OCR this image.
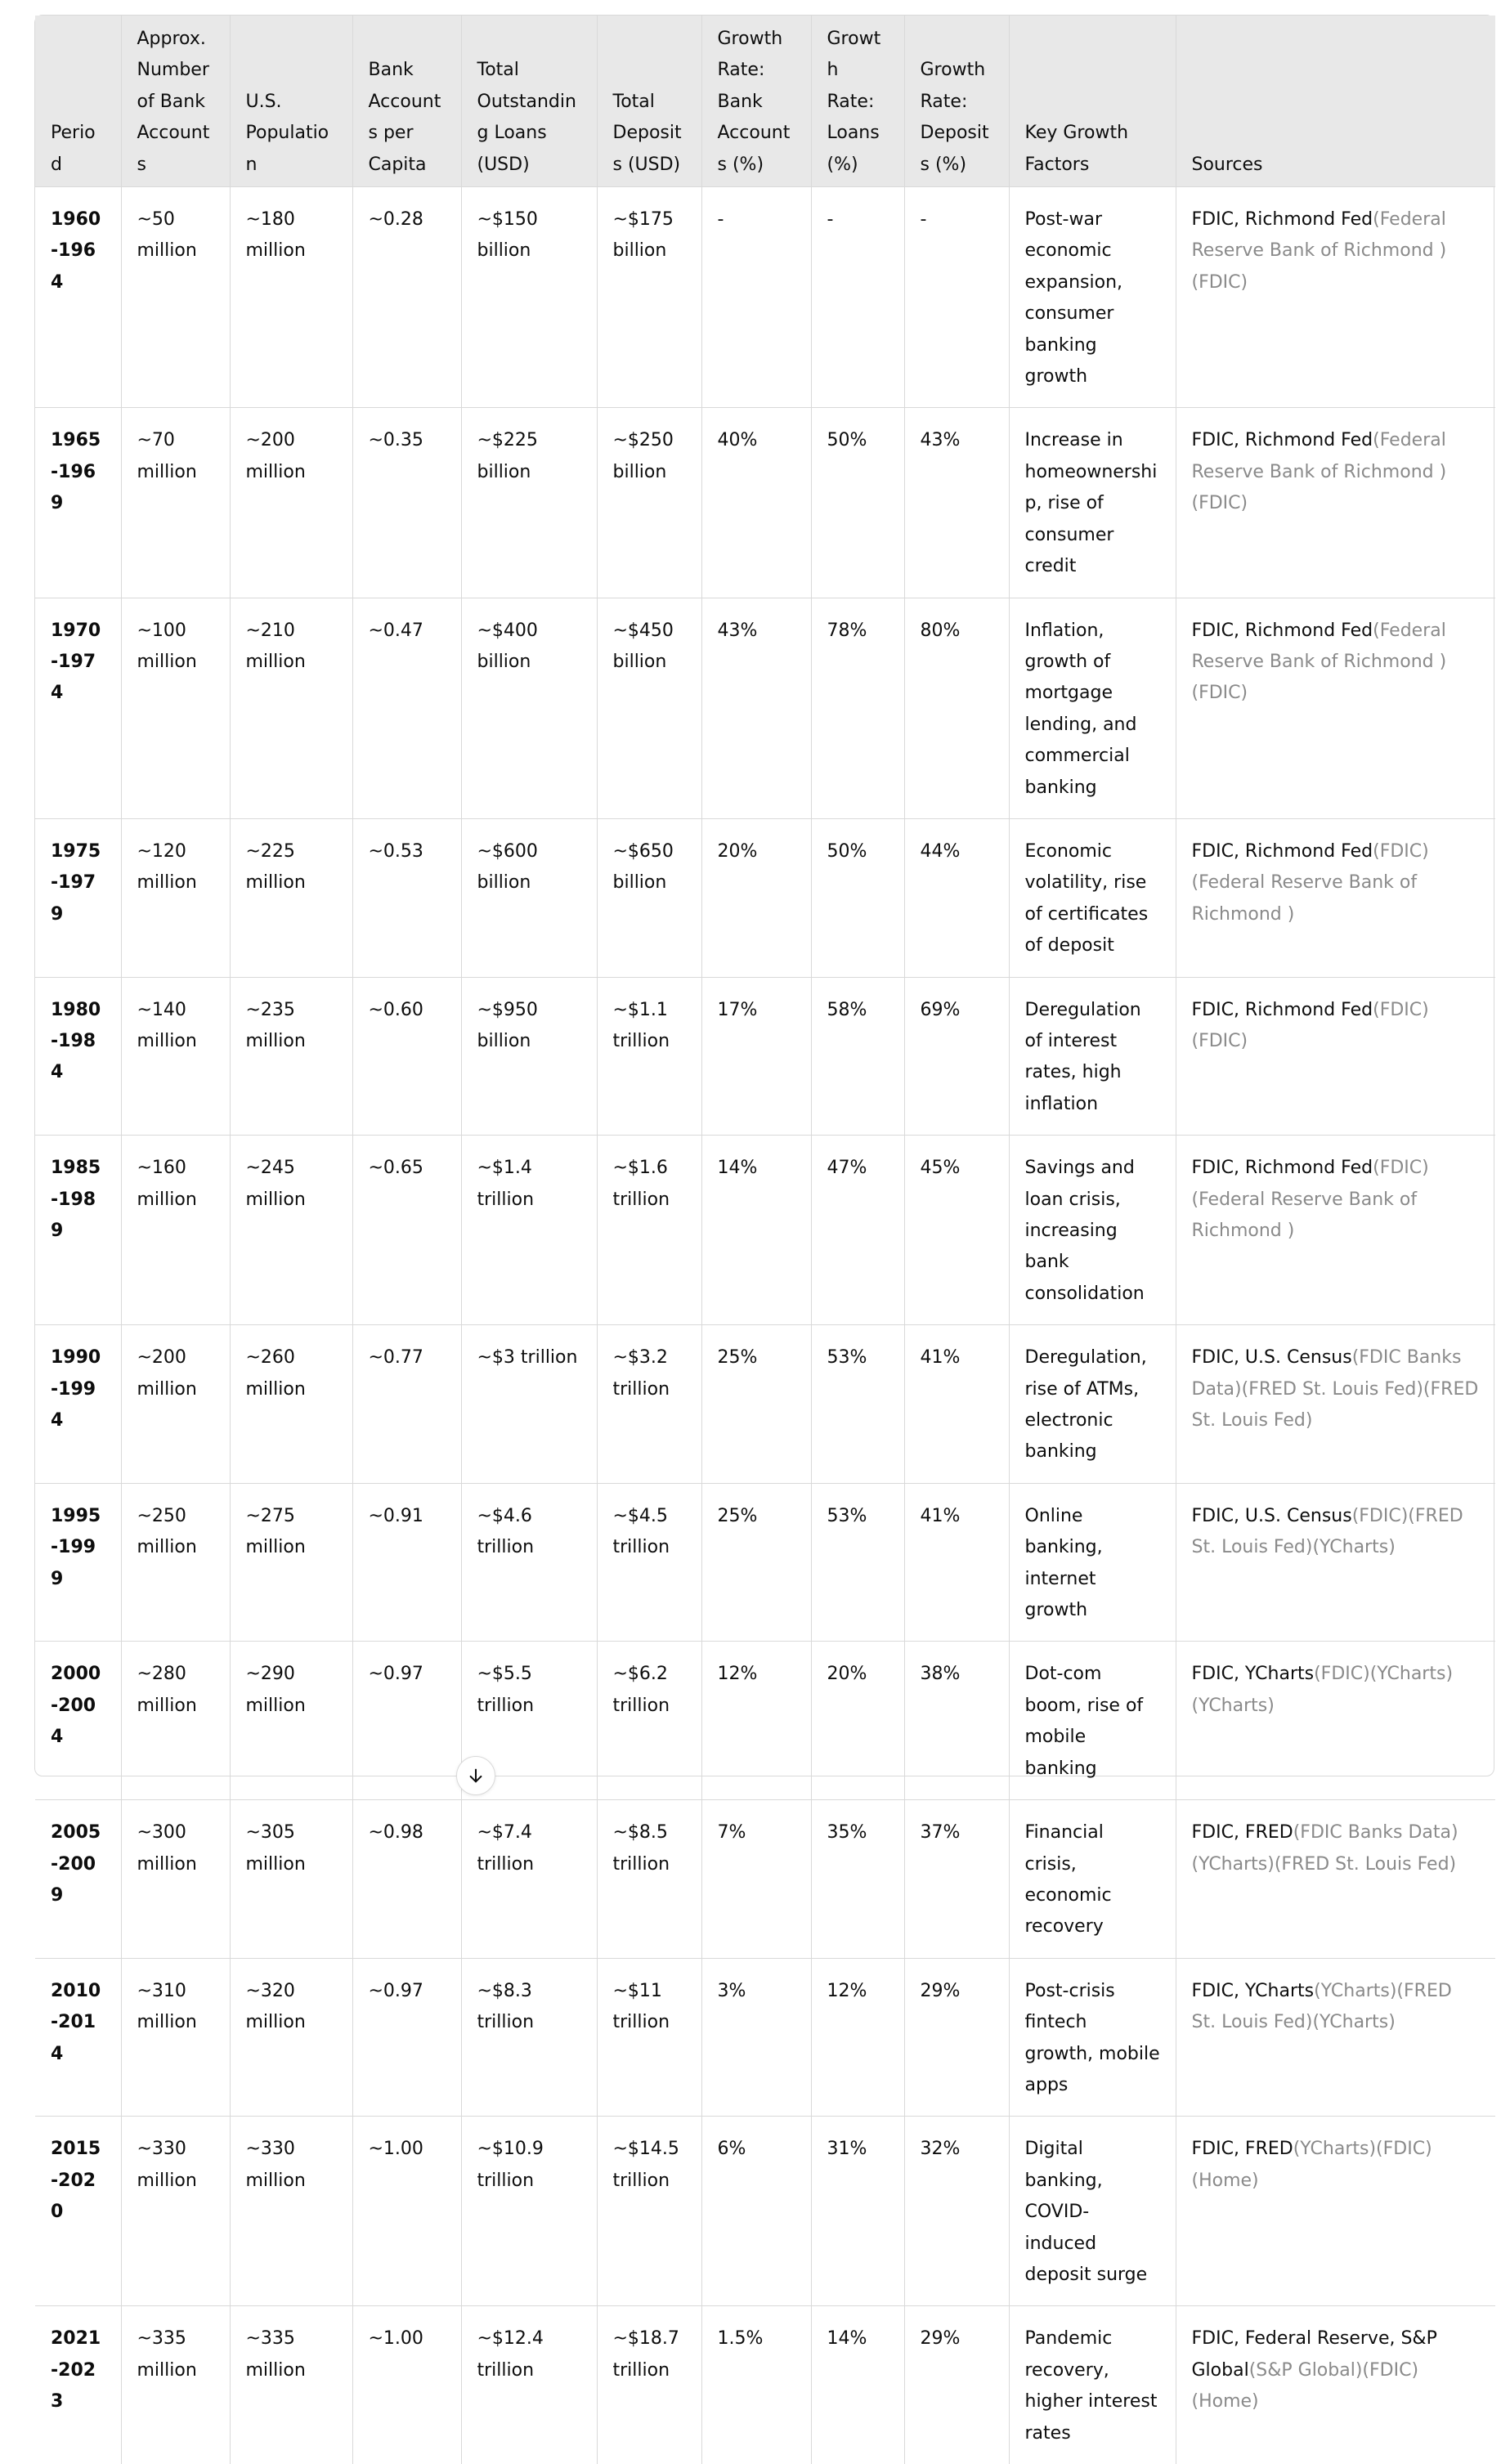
Period	Approx. Number of Bank Accounts	U.S. Population	Bank Accounts per Capita	Total Outstanding Loans (USD)	Total Deposits (USD)	Growth Rate: Bank Accounts (%)	Growth Rate: Loans (%)	Growth Rate: Deposits (%)	Key Growth Factors	Sources
1960-1964	~50 million	~180 million	~0.28	~$150 billion	~$175 billion	-	-	-	Post-war economic expansion, consumer banking growth	FDIC, Richmond Fed(Federal Reserve Bank of Richmond )(FDIC)
1965-1969	~70 million	~200 million	~0.35	~$225 billion	~$250 billion	40%	50%	43%	Increase in homeownership, rise of consumer credit	FDIC, Richmond Fed(Federal Reserve Bank of Richmond )(FDIC)
1970-1974	~100 million	~210 million	~0.47	~$400 billion	~$450 billion	43%	78%	80%	Inflation, growth of mortgage lending, and commercial banking	FDIC, Richmond Fed(Federal Reserve Bank of Richmond )(FDIC)
1975-1979	~120 million	~225 million	~0.53	~$600 billion	~$650 billion	20%	50%	44%	Economic volatility, rise of certificates of deposit	FDIC, Richmond Fed(FDIC)(Federal Reserve Bank of Richmond )
1980-1984	~140 million	~235 million	~0.60	~$950 billion	~$1.1 trillion	17%	58%	69%	Deregulation of interest rates, high inflation	FDIC, Richmond Fed(FDIC)(FDIC)
1985-1989	~160 million	~245 million	~0.65	~$1.4 trillion	~$1.6 trillion	14%	47%	45%	Savings and loan crisis, increasing bank consolidation	FDIC, Richmond Fed(FDIC)(Federal Reserve Bank of Richmond )
1990-1994	~200 million	~260 million	~0.77	~$3 trillion	~$3.2 trillion	25%	53%	41%	Deregulation, rise of ATMs, electronic banking	FDIC, U.S. Census(FDIC Banks Data)(FRED St. Louis Fed)(FRED St. Louis Fed)
1995-1999	~250 million	~275 million	~0.91	~$4.6 trillion	~$4.5 trillion	25%	53%	41%	Online banking, internet growth	FDIC, U.S. Census(FDIC)(FRED St. Louis Fed)(YCharts)
2000-2004	~280 million	~290 million	~0.97	~$5.5 trillion	~$6.2 trillion	12%	20%	38%	Dot-com boom, rise of mobile banking	FDIC, YCharts(FDIC)(YCharts)(YCharts)
2005-2009	~300 million	~305 million	~0.98	~$7.4 trillion	~$8.5 trillion	7%	35%	37%	Financial crisis, economic recovery	FDIC, FRED(FDIC Banks Data)(YCharts)(FRED St. Louis Fed)
2010-2014	~310 million	~320 million	~0.97	~$8.3 trillion	~$11 trillion	3%	12%	29%	Post-crisis fintech growth, mobile apps	FDIC, YCharts(YCharts)(FRED St. Louis Fed)(YCharts)
2015-2020	~330 million	~330 million	~1.00	~$10.9 trillion	~$14.5 trillion	6%	31%	32%	Digital banking, COVID-induced deposit surge	FDIC, FRED(YCharts)(FDIC)(Home)
2021-2023	~335 million	~335 million	~1.00	~$12.4 trillion	~$18.7 trillion	1.5%	14%	29%	Pandemic recovery, higher interest rates	FDIC, Federal Reserve, S&P Global(S&P Global)(FDIC)(Home)
